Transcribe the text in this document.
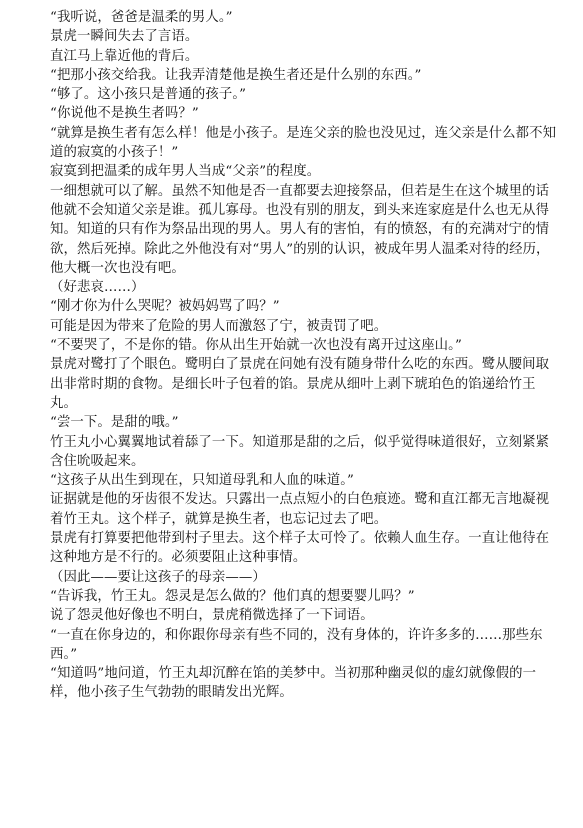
“我听说，爸爸是温柔的男人。”

景虎一瞬间失去了言语。

直江马上靠近他的背后。

“把那小孩交给我。让我弄清楚他是换生者还是什么别的东西。”

“够了。这小孩只是普通的孩子。”

“你说他不是换生者吗？”

“就算是换生者有怎么样！他是小孩子。是连父亲的脸也没见过，连父亲是什么都不知道的寂寞的小孩子！”

寂寞到把温柔的成年男人当成“父亲”的程度。

一细想就可以了解。虽然不知他是否一直都要去迎接祭品，但若是生在这个城里的话他就不会知道父亲是谁。孤儿寡母。也没有别的朋友，到头来连家庭是什么也无从得知。知道的只有作为祭品出现的男人。男人有的害怕，有的愤怒，有的充满对宁的情欲，然后死掉。除此之外他没有对“男人”的别的认识，被成年男人温柔对待的经历，他大概一次也没有吧。

（好悲哀……）

“刚才你为什么哭呢？被妈妈骂了吗？”

可能是因为带来了危险的男人而激怒了宁，被责罚了吧。

“不要哭了，不是你的错。你从出生开始就一次也没有离开过这座山。”

景虎对鹭打了个眼色。鹭明白了景虎在问她有没有随身带什么吃的东西。鹭从腰间取出非常时期的食物。是细长叶子包着的馅。景虎从细叶上剥下琥珀色的馅递给竹王丸。

“尝一下。是甜的哦。”

竹王丸小心翼翼地试着舔了一下。知道那是甜的之后，似乎觉得味道很好，立刻紧紧含住吮吸起来。

“这孩子从出生到现在，只知道母乳和人血的味道。”

证据就是他的牙齿很不发达。只露出一点点短小的白色痕迹。鹭和直江都无言地凝视着竹王丸。这个样子，就算是换生者，也忘记过去了吧。

景虎有打算要把他带到村子里去。这个样子太可怜了。依赖人血生存。一直让他待在这种地方是不行的。必须要阻止这种事情。

（因此——要让这孩子的母亲——）

“告诉我，竹王丸。怨灵是怎么做的？他们真的想要婴儿吗？”

说了怨灵他好像也不明白，景虎稍微选择了一下词语。

“一直在你身边的，和你跟你母亲有些不同的，没有身体的，许许多多的……那些东西。”

“知道吗”地问道，竹王丸却沉醉在馅的美梦中。当初那种幽灵似的虚幻就像假的一样，他小孩子生气勃勃的眼睛发出光辉。
